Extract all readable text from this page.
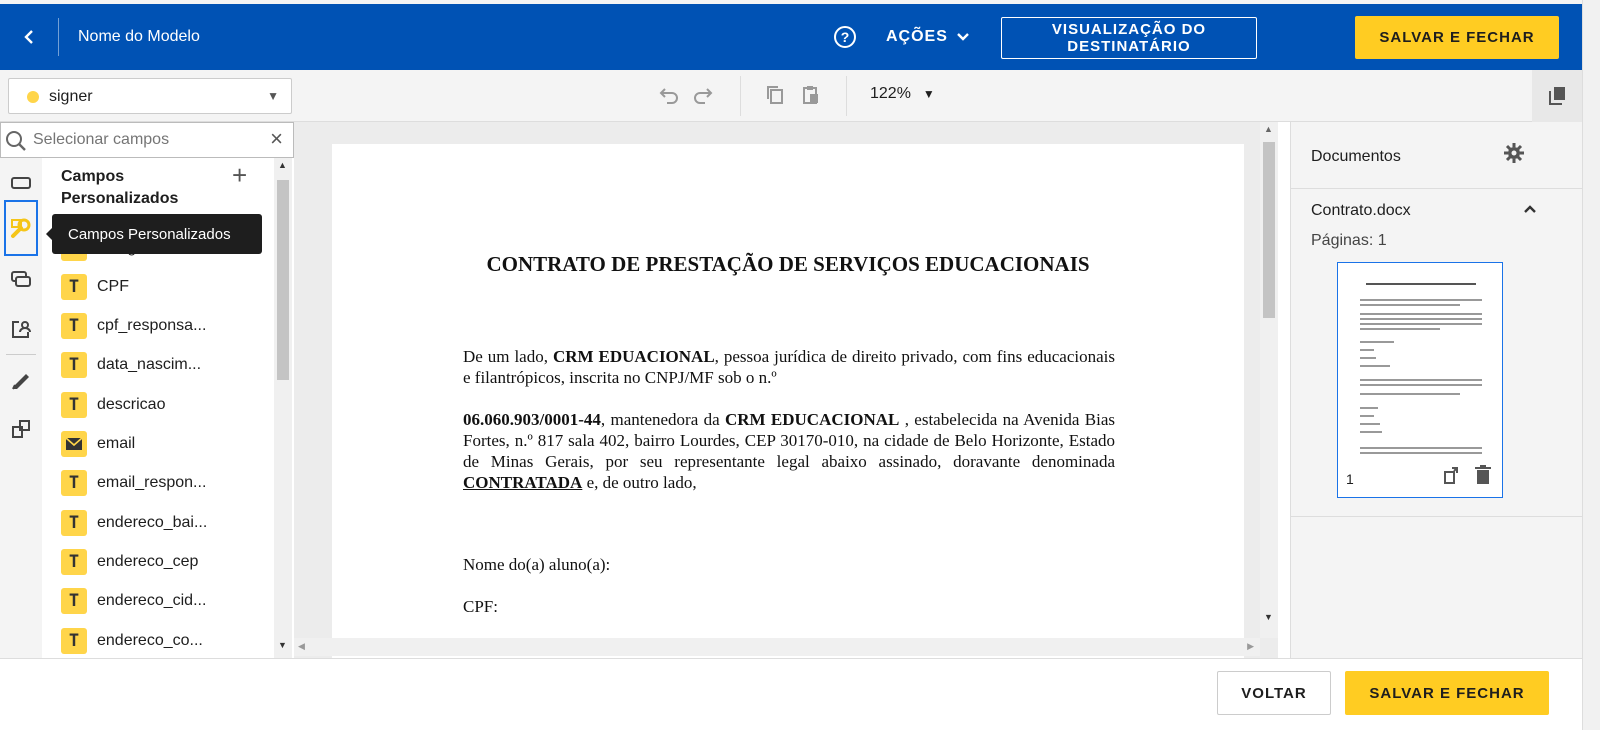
Nome do Modelo	?	AÇÕES	VISUALIZAÇÃO DO DESTINATÁRIO
SALVAR E FECHAR
signer	▼	122% ▼
Selecionar campos
×
Campos Personalizados
+
T	CPF
T	cpf_responsa...
T	data_nascim...
T	descricao
email
T	email_respon...
T	endereco_bai...
T	endereco_cep
T	endereco_cid...
T	endereco_co...
▲
▼
Campos Personalizados
CONTRATO DE PRESTAÇÃO DE SERVIÇOS EDUCACIONAIS
De um lado, CRM EDUACIONAL, pessoa jurídica de direito privado, com fins educacionais e filantrópicos, inscrita no CNPJ/MF sob o n.º
06.060.903/0001-44, mantenedora da CRM EDUCACIONAL , estabelecida na Avenida Bias Fortes, n.º 817 sala 402, bairro Lourdes, CEP 30170-010, na cidade de Belo Horizonte, Estado de Minas Gerais, por seu representante legal abaixo assinado, doravante denominada CONTRATADA e, de outro lado,
Nome do(a) aluno(a):
CPF:
▲
▼
◀	▶
Documentos
Contrato.docx
Páginas: 1
1
VOLTAR	SALVAR E FECHAR
